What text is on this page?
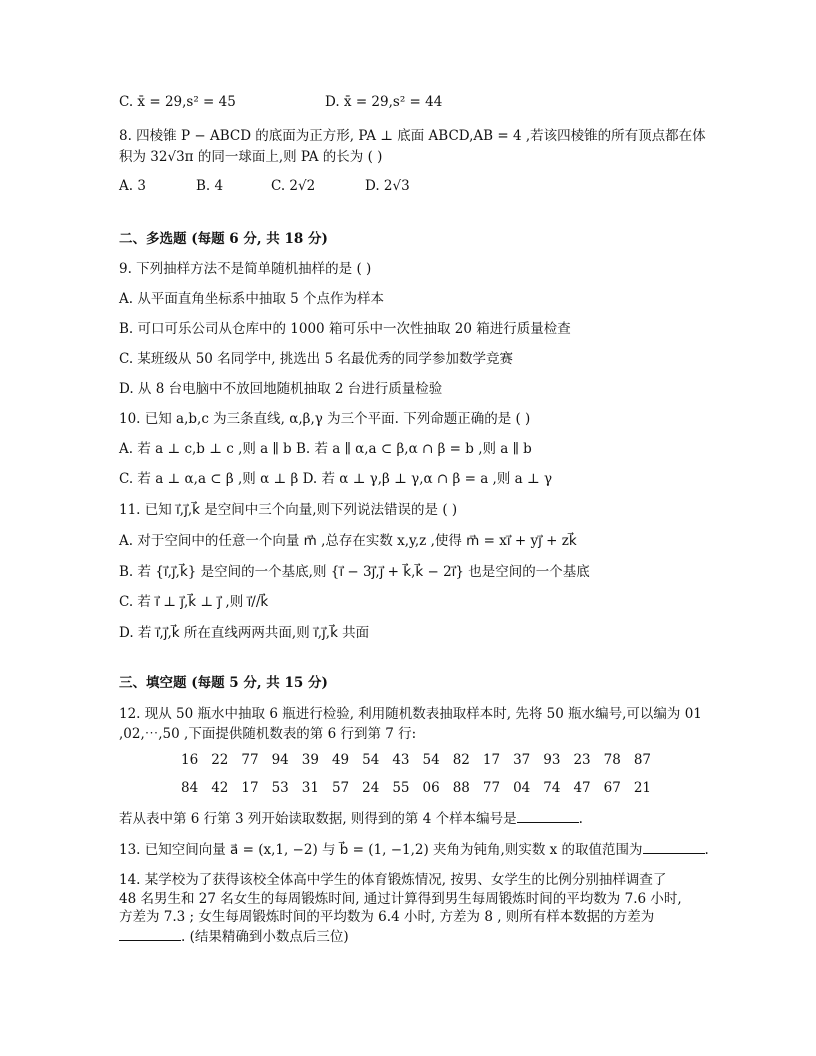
C. x̄ = 29,s² = 45	D. x̄ = 29,s² = 44
8. 四棱锥 P − ABCD 的底面为正方形, PA ⊥ 底面 ABCD,AB = 4 ,若该四棱锥的所有顶点都在体
积为 32√3π 的同一球面上,则 PA 的长为 ( )
A. 3	B. 4	C. 2√2	D. 2√3
二、多选题 (每题 6 分, 共 18 分)
9. 下列抽样方法不是简单随机抽样的是 ( )
A. 从平面直角坐标系中抽取 5 个点作为样本
B. 可口可乐公司从仓库中的 1000 箱可乐中一次性抽取 20 箱进行质量检查
C. 某班级从 50 名同学中, 挑选出 5 名最优秀的同学参加数学竞赛
D. 从 8 台电脑中不放回地随机抽取 2 台进行质量检验
10. 已知 a,b,c 为三条直线, α,β,γ 为三个平面. 下列命题正确的是 ( )
A. 若 a ⊥ c,b ⊥ c ,则 a ∥ b B. 若 a ∥ α,a ⊂ β,α ∩ β = b ,则 a ∥ b
C. 若 a ⊥ α,a ⊂ β ,则 α ⊥ β D. 若 α ⊥ γ,β ⊥ γ,α ∩ β = a ,则 a ⊥ γ
11. 已知 i⃗,j⃗,k⃗ 是空间中三个向量,则下列说法错误的是 ( )
A. 对于空间中的任意一个向量 m⃗ ,总存在实数 x,y,z ,使得 m⃗ = xi⃗ + yj⃗ + zk⃗
B. 若 {i⃗,j⃗,k⃗} 是空间的一个基底,则 {i⃗ − 3j⃗,j⃗ + k⃗,k⃗ − 2i⃗} 也是空间的一个基底
C. 若 i⃗ ⊥ j⃗,k⃗ ⊥ j⃗ ,则 i⃗//k⃗
D. 若 i⃗,j⃗,k⃗ 所在直线两两共面,则 i⃗,j⃗,k⃗ 共面
三、填空题 (每题 5 分, 共 15 分)
12. 现从 50 瓶水中抽取 6 瓶进行检验, 利用随机数表抽取样本时, 先将 50 瓶水编号,可以编为 01
,02,⋯,50 ,下面提供随机数表的第 6 行到第 7 行:
16 22 77 94 39 49 54 43 54 82 17 37 93 23 78 87
84 42 17 53 31 57 24 55 06 88 77 04 74 47 67 21
若从表中第 6 行第 3 列开始读取数据, 则得到的第 4 个样本编号是	.
13. 已知空间向量 a⃗ = (x,1, −2) 与 b⃗ = (1, −1,2) 夹角为钝角,则实数 x 的取值范围为	.
14. 某学校为了获得该校全体高中学生的体育锻炼情况, 按男、女学生的比例分别抽样调查了
48 名男生和 27 名女生的每周锻炼时间, 通过计算得到男生每周锻炼时间的平均数为 7.6 小时,
方差为 7.3 ; 女生每周锻炼时间的平均数为 6.4 小时, 方差为 8 , 则所有样本数据的方差为
. (结果精确到小数点后三位)
